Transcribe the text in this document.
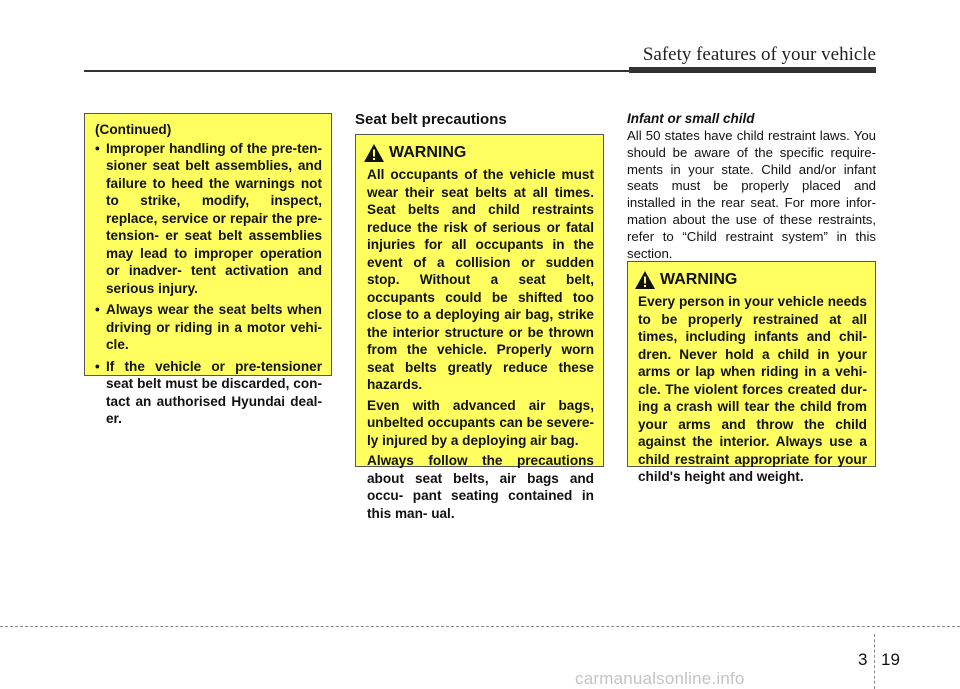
Safety features of your vehicle
(Continued)
• Improper handling of the pre-ten- sioner seat belt assemblies, and failure to heed the warnings not to strike, modify, inspect, replace, service or repair the pre-tension- er seat belt assemblies may lead to improper operation or inadver- tent activation and serious injury.
• Always wear the seat belts when driving or riding in a motor vehi- cle.
• If the vehicle or pre-tensioner seat belt must be discarded, con- tact an authorised Hyundai deal- er.
Seat belt precautions
WARNING

All occupants of the vehicle must wear their seat belts at all times. Seat belts and child restraints reduce the risk of serious or fatal injuries for all occupants in the event of a collision or sudden stop. Without a seat belt, occupants could be shifted too close to a deploying air bag, strike the interior structure or be thrown from the vehicle. Properly worn seat belts greatly reduce these hazards.

Even with advanced air bags, unbelted occupants can be severe- ly injured by a deploying air bag.

Always follow the precautions about seat belts, air bags and occu- pant seating contained in this man- ual.

Infant or small child
All 50 states have child restraint laws. You should be aware of the specific require- ments in your state. Child and/or infant seats must be properly placed and installed in the rear seat. For more infor- mation about the use of these restraints, refer to “Child restraint system” in this section.
WARNING

Every person in your vehicle needs to be properly restrained at all times, including infants and chil- dren. Never hold a child in your arms or lap when riding in a vehi- cle. The violent forces created dur- ing a crash will tear the child from your arms and throw the child against the interior. Always use a child restraint appropriate for your child's height and weight.

3 19
carmanualsonline.info
